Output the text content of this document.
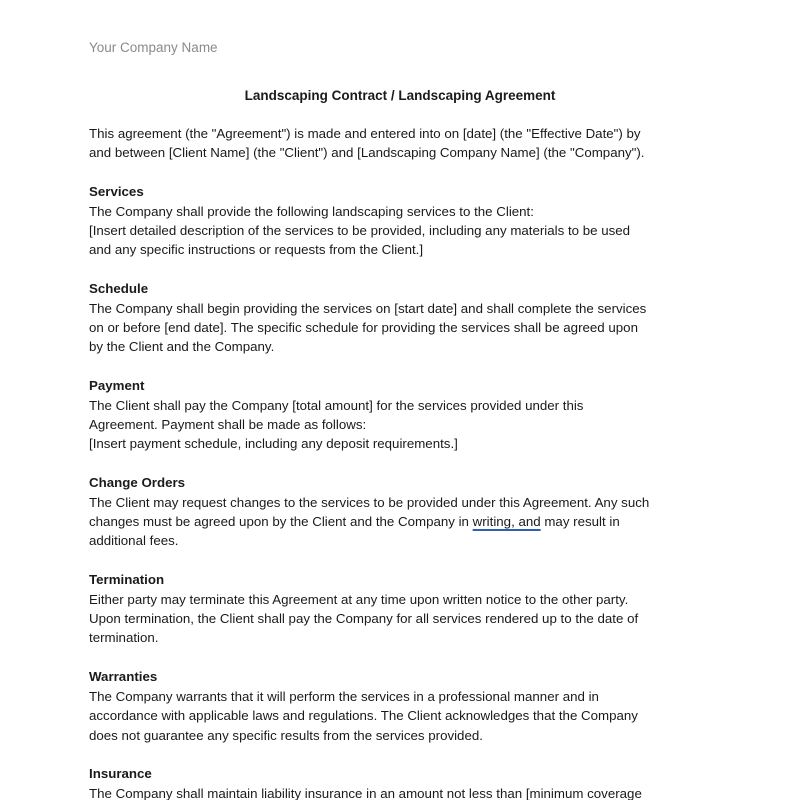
Your Company Name
Landscaping Contract / Landscaping Agreement

This agreement (the "Agreement") is made and entered into on [date] (the "Effective Date") by
and between [Client Name] (the "Client") and [Landscaping Company Name] (the "Company").

Services
The Company shall provide the following landscaping services to the Client:
[Insert detailed description of the services to be provided, including any materials to be used
and any specific instructions or requests from the Client.]
Schedule
The Company shall begin providing the services on [start date] and shall complete the services
on or before [end date]. The specific schedule for providing the services shall be agreed upon
by the Client and the Company.
Payment
The Client shall pay the Company [total amount] for the services provided under this
Agreement. Payment shall be made as follows:
[Insert payment schedule, including any deposit requirements.]
Change Orders
The Client may request changes to the services to be provided under this Agreement. Any such
changes must be agreed upon by the Client and the Company in writing, and may result in
additional fees.
Termination
Either party may terminate this Agreement at any time upon written notice to the other party.
Upon termination, the Client shall pay the Company for all services rendered up to the date of
termination.
Warranties
The Company warrants that it will perform the services in a professional manner and in
accordance with applicable laws and regulations. The Client acknowledges that the Company
does not guarantee any specific results from the services provided.
Insurance
The Company shall maintain liability insurance in an amount not less than [minimum coverage
